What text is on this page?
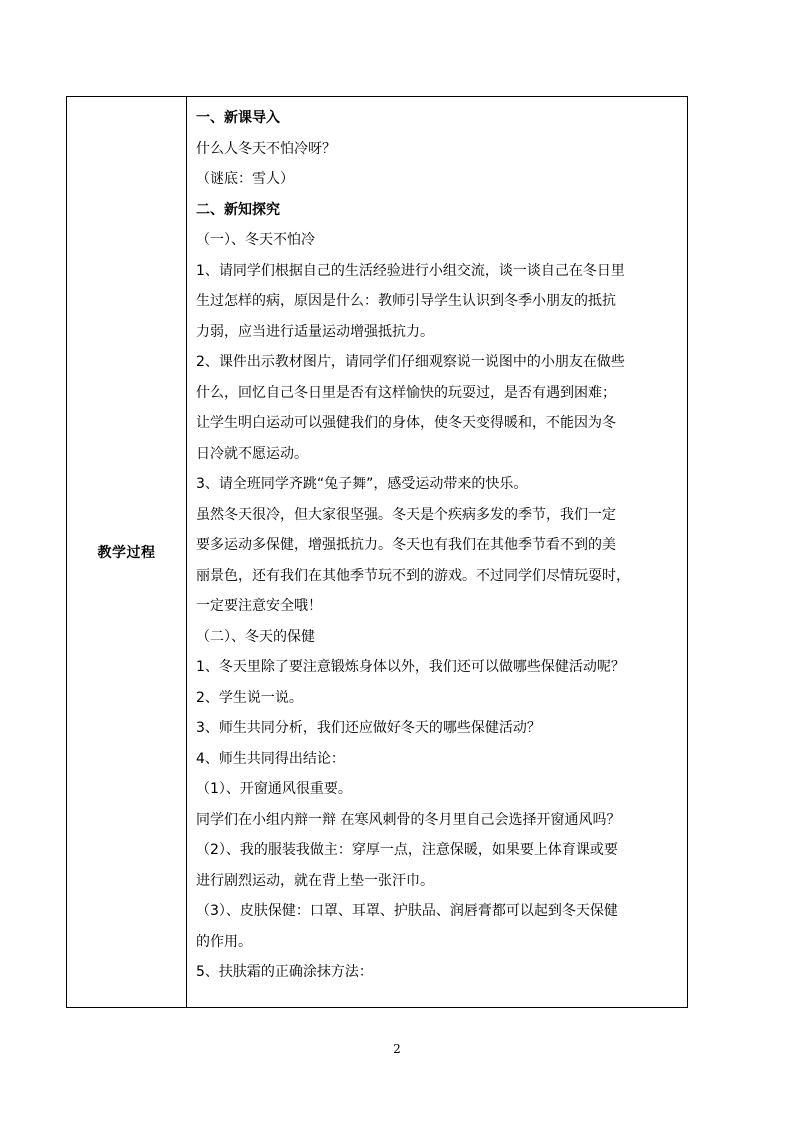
教学过程
一、新课导入
什么人冬天不怕冷呀？
（谜底：雪人）
二、新知探究
（一）、冬天不怕冷
1、请同学们根据自己的生活经验进行小组交流，谈一谈自己在冬日里
生过怎样的病，原因是什么：教师引导学生认识到冬季小朋友的抵抗
力弱，应当进行适量运动增强抵抗力。
2、课件出示教材图片，请同学们仔细观察说一说图中的小朋友在做些
什么，回忆自己冬日里是否有这样愉快的玩耍过，是否有遇到困难；
让学生明白运动可以强健我们的身体，使冬天变得暖和，不能因为冬
日冷就不愿运动。
3、请全班同学齐跳“兔子舞”，感受运动带来的快乐。
虽然冬天很冷，但大家很坚强。冬天是个疾病多发的季节，我们一定
要多运动多保健，增强抵抗力。冬天也有我们在其他季节看不到的美
丽景色，还有我们在其他季节玩不到的游戏。不过同学们尽情玩耍时，
一定要注意安全哦！
（二）、冬天的保健
1、冬天里除了要注意锻炼身体以外，我们还可以做哪些保健活动呢？
2、学生说一说。
3、师生共同分析，我们还应做好冬天的哪些保健活动？
4、师生共同得出结论：
（1）、开窗通风很重要。
同学们在小组内辩一辩 在寒风刺骨的冬月里自己会选择开窗通风吗？
（2）、我的服装我做主：穿厚一点，注意保暖，如果要上体育课或要
进行剧烈运动，就在背上垫一张汗巾。
（3）、皮肤保健：口罩、耳罩、护肤品、润唇膏都可以起到冬天保健
的作用。
5、扶肤霜的正确涂抹方法：
2
